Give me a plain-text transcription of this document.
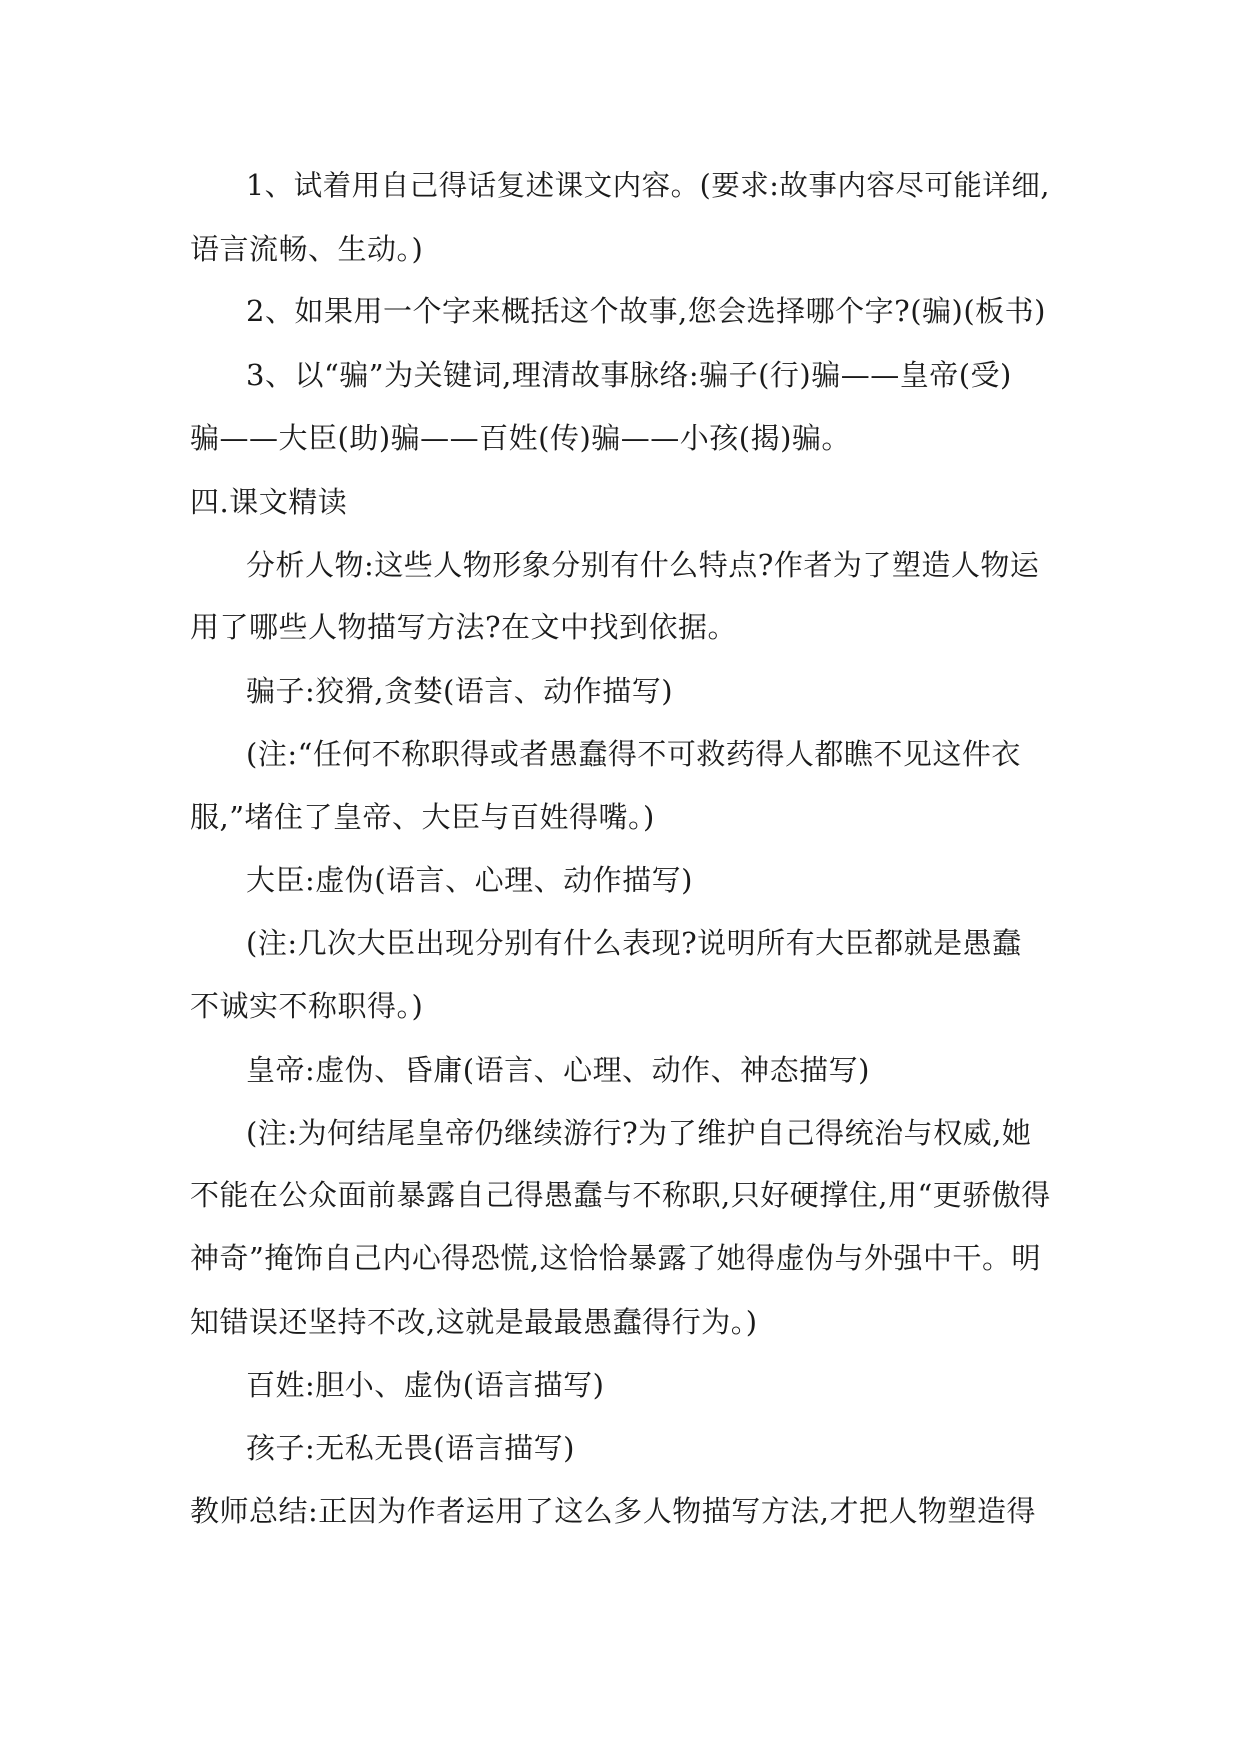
1、试着用自己得话复述课文内容。(要求:故事内容尽可能详细,
语言流畅、生动。)
2、如果用一个字来概括这个故事,您会选择哪个字?(骗)(板书)
3、以“骗”为关键词,理清故事脉络:骗子(行)骗——皇帝(受)
骗——大臣(助)骗——百姓(传)骗——小孩(揭)骗。
四.课文精读
分析人物:这些人物形象分别有什么特点?作者为了塑造人物运
用了哪些人物描写方法?在文中找到依据。
骗子:狡猾,贪婪(语言、动作描写)
(注:“任何不称职得或者愚蠢得不可救药得人都瞧不见这件衣
服,”堵住了皇帝、大臣与百姓得嘴。)
大臣:虚伪(语言、心理、动作描写)
(注:几次大臣出现分别有什么表现?说明所有大臣都就是愚蠢
不诚实不称职得。)
皇帝:虚伪、昏庸(语言、心理、动作、神态描写)
(注:为何结尾皇帝仍继续游行?为了维护自己得统治与权威,她
不能在公众面前暴露自己得愚蠢与不称职,只好硬撑住,用“更骄傲得
神奇”掩饰自己内心得恐慌,这恰恰暴露了她得虚伪与外强中干。明
知错误还坚持不改,这就是最最愚蠢得行为。)
百姓:胆小、虚伪(语言描写)
孩子:无私无畏(语言描写)
教师总结:正因为作者运用了这么多人物描写方法,才把人物塑造得
